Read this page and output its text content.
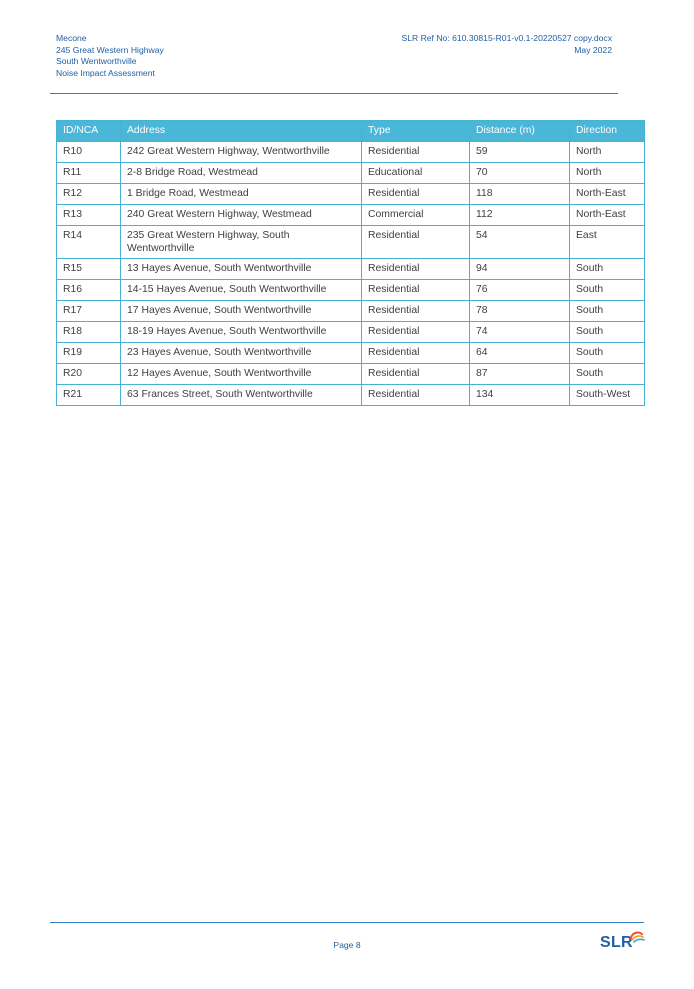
Mecone
245 Great Western Highway
South Wentworthville
Noise Impact Assessment
SLR Ref No: 610.30815-R01-v0.1-20220527 copy.docx
May 2022
ID/NCA	Address	Type	Distance (m)	Direction
R10	242 Great Western Highway, Wentworthville	Residential	59	North
R11	2-8 Bridge Road, Westmead	Educational	70	North
R12	1 Bridge Road, Westmead	Residential	118	North-East
R13	240 Great Western Highway, Westmead	Commercial	112	North-East
R14	235 Great Western Highway, South Wentworthville	Residential	54	East
R15	13 Hayes Avenue, South Wentworthville	Residential	94	South
R16	14-15 Hayes Avenue, South Wentworthville	Residential	76	South
R17	17 Hayes Avenue, South Wentworthville	Residential	78	South
R18	18-19 Hayes Avenue, South Wentworthville	Residential	74	South
R19	23 Hayes Avenue, South Wentworthville	Residential	64	South
R20	12 Hayes Avenue, South Wentworthville	Residential	87	South
R21	63 Frances Street, South Wentworthville	Residential	134	South-West
Page 8	SLR
